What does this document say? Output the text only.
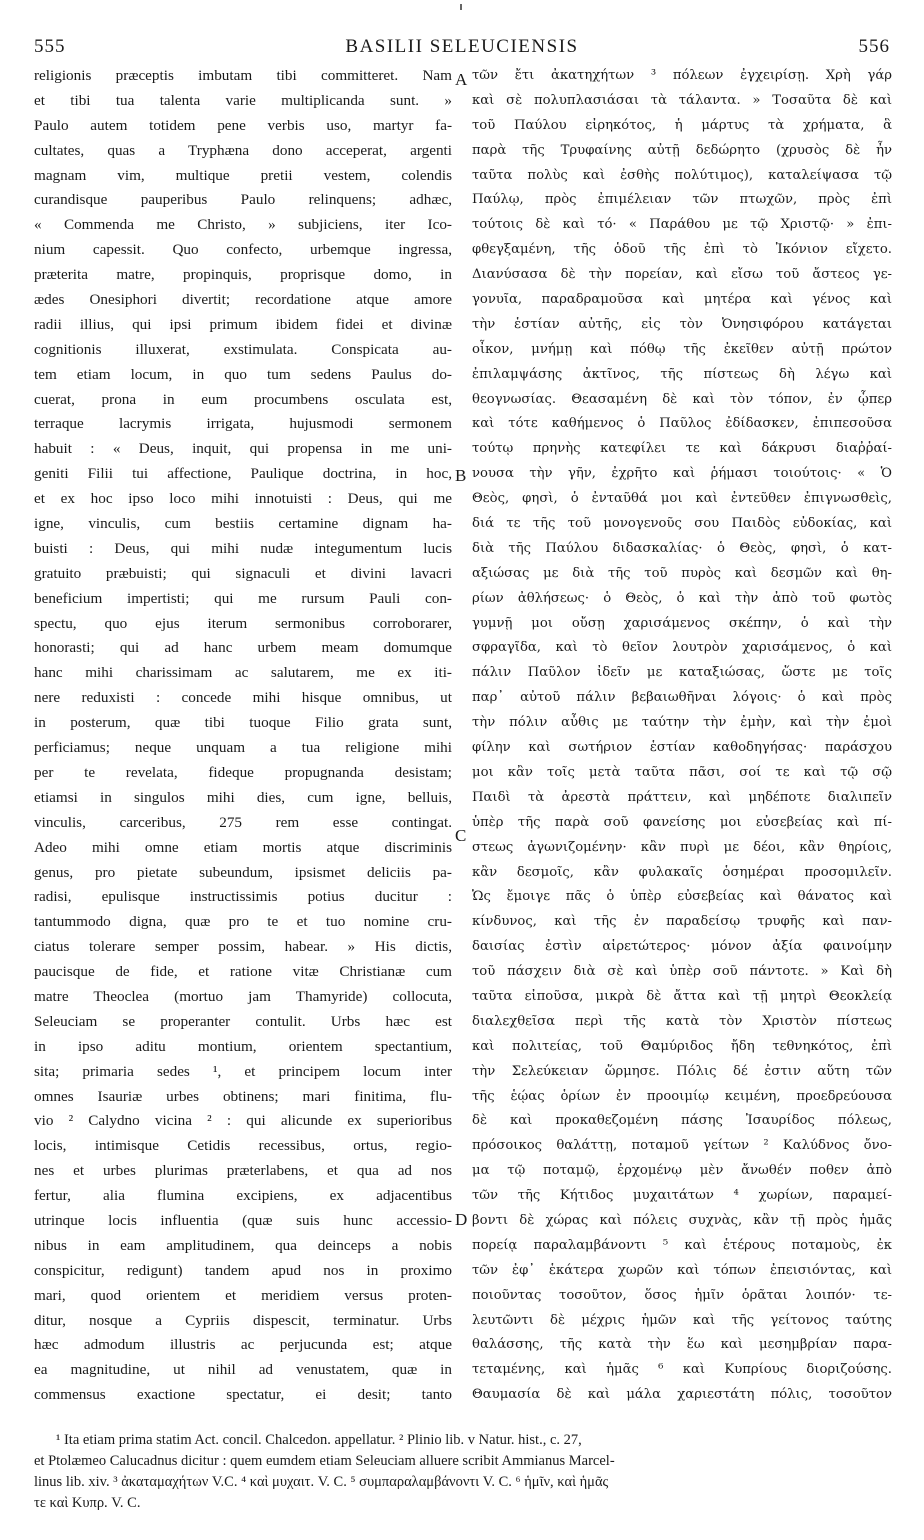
555	BASILII SELEUCIENSIS	556
religionis præceptis imbutam tibi committeret. Nam
et tibi tua talenta varie multiplicanda sunt. »
Paulo autem totidem pene verbis uso, martyr fa-
cultates, quas a Tryphæna dono acceperat, argenti
magnam vim, multique pretii vestem, colendis
curandisque pauperibus Paulo relinquens; adhæc,
« Commenda me Christo, » subjiciens, iter Ico-
nium capessit. Quo confecto, urbemque ingressa,
præterita matre, propinquis, proprisque domo, in
ædes Onesiphori divertit; recordatione atque amore
radii illius, qui ipsi primum ibidem fidei et divinæ
cognitionis illuxerat, exstimulata. Conspicata au-
tem etiam locum, in quo tum sedens Paulus do-
cuerat, prona in eum procumbens osculata est,
terraque lacrymis irrigata, hujusmodi sermonem
habuit : « Deus, inquit, qui propensa in me uni-
geniti Filii tui affectione, Paulique doctrina, in hoc,
et ex hoc ipso loco mihi innotuisti : Deus, qui me
igne, vinculis, cum bestiis certamine dignam ha-
buisti : Deus, qui mihi nudæ integumentum lucis
gratuito præbuisti; qui signaculi et divini lavacri
beneficium impertisti; qui me rursum Pauli con-
spectu, quo ejus iterum sermonibus corroborarer,
honorasti; qui ad hanc urbem meam domumque
hanc mihi charissimam ac salutarem, me ex iti-
nere reduxisti : concede mihi hisque omnibus, ut
in posterum, quæ tibi tuoque Filio grata sunt,
perficiamus; neque unquam a tua religione mihi
per te revelata, fideque propugnanda desistam;
etiamsi in singulos mihi dies, cum igne, belluis,
vinculis, carceribus, 275 rem esse contingat.
Adeo mihi omne etiam mortis atque discriminis
genus, pro pietate subeundum, ipsismet deliciis pa-
radisi, epulisque instructissimis potius ducitur :
tantummodo digna, quæ pro te et tuo nomine cru-
ciatus tolerare semper possim, habear. » His dictis,
paucisque de fide, et ratione vitæ Christianæ cum
matre Theoclea (mortuo jam Thamyride) collocuta,
Seleuciam se properanter contulit. Urbs hæc est
in ipso aditu montium, orientem spectantium,
sita; primaria sedes ¹, et principem locum inter
omnes Isauriæ urbes obtinens; mari finitima, flu-
vio ² Calydno vicina ² : qui alicunde ex superioribus
locis, intimisque Cetidis recessibus, ortus, regio-
nes et urbes plurimas præterlabens, et qua ad nos
fertur, alia flumina excipiens, ex adjacentibus
utrinque locis influentia (quæ suis hunc accessio-
nibus in eam amplitudinem, qua deinceps a nobis
conspicitur, redigunt) tandem apud nos in proximo
mari, quod orientem et meridiem versus proten-
ditur, nosque a Cypriis dispescit, terminatur. Urbs
hæc admodum illustris ac perjucunda est; atque
ea magnitudine, ut nihil ad venustatem, quæ in
commensus exactione spectatur, ei desit; tanto
τῶν ἔτι ἀκατηχήτων ³ πόλεων ἐγχειρίσῃ. Χρὴ γάρ
καὶ σὲ πολυπλασιάσαι τὰ τάλαντα. » Τοσαῦτα δὲ καὶ
τοῦ Παύλου εἰρηκότος, ἡ μάρτυς τὰ χρήματα, ἃ
παρὰ τῆς Τρυφαίνης αὐτῇ δεδώρητο (χρυσὸς δὲ ἦν
ταῦτα πολὺς καὶ ἐσθὴς πολύτιμος), καταλείψασα τῷ
Παύλῳ, πρὸς ἐπιμέλειαν τῶν πτωχῶν, πρὸς ἐπὶ
τούτοις δὲ καὶ τό· « Παράθου με τῷ Χριστῷ· » ἐπι-
φθεγξαμένη, τῆς ὁδοῦ τῆς ἐπὶ τὸ Ἰκόνιον εἴχετο.
Διανύσασα δὲ τὴν πορείαν, καὶ εἴσω τοῦ ἄστεος γε-
γονυῖα, παραδραμοῦσα καὶ μητέρα καὶ γένος καὶ
τὴν ἑστίαν αὐτῆς, εἰς τὸν Ὀνησιφόρου κατάγεται
οἶκον, μνήμῃ καὶ πόθῳ τῆς ἐκεῖθεν αὐτῇ πρώτον
ἐπιλαμψάσης ἀκτῖνος, τῆς πίστεως δὴ λέγω καὶ
θεογνωσίας. Θεασαμένη δὲ καὶ τὸν τόπον, ἐν ᾧπερ
καὶ τότε καθήμενος ὁ Παῦλος ἐδίδασκεν, ἐπιπεσοῦσα
τούτῳ πρηνὴς κατεφίλει τε καὶ δάκρυσι διαῤῥαί-
νουσα τὴν γῆν, ἐχρῆτο καὶ ῥήμασι τοιούτοις· « Ὁ
Θεὸς, φησὶ, ὁ ἐνταῦθά μοι καὶ ἐντεῦθεν ἐπιγνωσθεὶς,
διά τε τῆς τοῦ μονογενοῦς σου Παιδὸς εὐδοκίας, καὶ
διὰ τῆς Παύλου διδασκαλίας· ὁ Θεὸς, φησὶ, ὁ κατ-
αξιώσας με διὰ τῆς τοῦ πυρὸς καὶ δεσμῶν καὶ θη-
ρίων ἀθλήσεως· ὁ Θεὸς, ὁ καὶ τὴν ἀπὸ τοῦ φωτὸς
γυμνῇ μοι οὔσῃ χαρισάμενος σκέπην, ὁ καὶ τὴν
σφραγῖδα, καὶ τὸ θεῖον λουτρὸν χαρισάμενος, ὁ καὶ
πάλιν Παῦλον ἰδεῖν με καταξιώσας, ὥστε με τοῖς
παρ᾽ αὐτοῦ πάλιν βεβαιωθῆναι λόγοις· ὁ καὶ πρὸς
τὴν πόλιν αὖθις με ταύτην τὴν ἐμὴν, καὶ τὴν ἐμοὶ
φίλην καὶ σωτήριον ἑστίαν καθοδηγήσας· παράσχου
μοι κἂν τοῖς μετὰ ταῦτα πᾶσι, σοί τε καὶ τῷ σῷ
Παιδὶ τὰ ἀρεστὰ πράττειν, καὶ μηδέποτε διαλιπεῖν
ὑπὲρ τῆς παρὰ σοῦ φανείσης μοι εὐσεβείας καὶ πί-
στεως ἀγωνιζομένην· κἂν πυρὶ με δέοι, κἂν θηρίοις,
κἂν δεσμοῖς, κἂν φυλακαῖς ὁσημέραι προσομιλεῖν.
Ὡς ἔμοιγε πᾶς ὁ ὑπὲρ εὐσεβείας καὶ θάνατος καὶ
κίνδυνος, καὶ τῆς ἐν παραδείσῳ τρυφῆς καὶ παν-
δαισίας ἐστὶν αἱρετώτερος· μόνον ἀξία φαινοίμην
τοῦ πάσχειν διὰ σὲ καὶ ὑπὲρ σοῦ πάντοτε. » Καὶ δὴ
ταῦτα εἰποῦσα, μικρὰ δὲ ἄττα καὶ τῇ μητρὶ Θεοκλείᾳ
διαλεχθεῖσα περὶ τῆς κατὰ τὸν Χριστὸν πίστεως
καὶ πολιτείας, τοῦ Θαμύριδος ἤδη τεθνηκότος, ἐπὶ
τὴν Σελεύκειαν ὥρμησε. Πόλις δέ ἐστιν αὕτη τῶν
τῆς ἑῴας ὁρίων ἐν προοιμίῳ κειμένη, προεδρεύουσα
δὲ καὶ προκαθεζομένη πάσης Ἰσαυρίδος πόλεως,
πρόσοικος θαλάττῃ, ποταμοῦ γείτων ² Καλύδνος ὄνο-
μα τῷ ποταμῷ, ἐρχομένῳ μὲν ἄνωθέν ποθεν ἀπὸ
τῶν τῆς Κήτιδος μυχαιτάτων ⁴ χωρίων, παραμεί-
βοντι δὲ χώρας καὶ πόλεις συχνὰς, κἂν τῇ πρὸς ἡμᾶς
πορείᾳ παραλαμβάνοντι ⁵ καὶ ἑτέρους ποταμοὺς, ἐκ
τῶν ἐφ᾽ ἑκάτερα χωρῶν καὶ τόπων ἐπεισιόντας, καὶ
ποιοῦντας τοσοῦτον, ὅσος ἡμῖν ὁρᾶται λοιπόν· τε-
λευτῶντι δὲ μέχρις ἡμῶν καὶ τῆς γείτονος ταύτης
θαλάσσης, τῆς κατὰ τὴν ἕω καὶ μεσημβρίαν παρα-
τεταμένης, καὶ ἡμᾶς ⁶ καὶ Κυπρίους διοριζούσης.
Θαυμασία δὲ καὶ μάλα χαριεστάτη πόλις, τοσοῦτον
A
B
C
D
¹ Ita etiam prima statim Act. concil. Chalcedon. appellatur. ² Plinio lib. v Natur. hist., c. 27,
et Ptolæmeo Calucadnus dicitur : quem eumdem etiam Seleuciam alluere scribit Ammianus Marcel-
linus lib. xiv. ³ ἀκαταμαχήτων V.C. ⁴ καὶ μυχαιτ. V. C. ⁵ συμπαραλαμβάνοντι V. C. ⁶ ἡμῖν, καὶ ἡμᾶς
τε καὶ Κυπρ. V. C.
